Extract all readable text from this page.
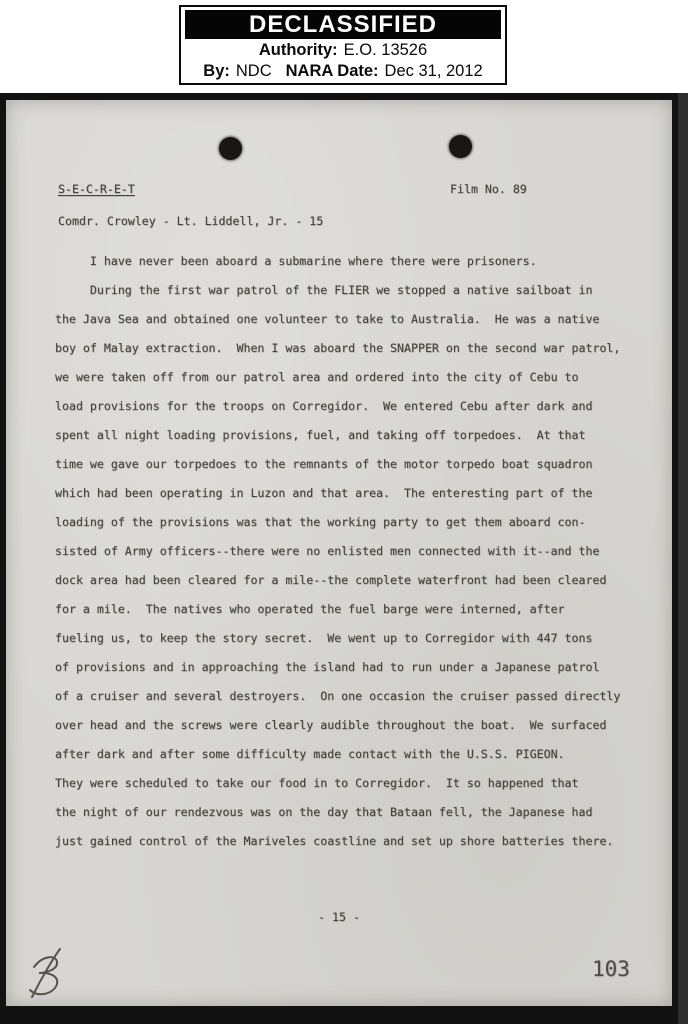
DECLASSIFIED
Authority: E.O. 13526
By: NDC NARA Date: Dec 31, 2012
S-E-C-R-E-T	Film No. 89
Comdr. Crowley - Lt. Liddell, Jr. - 15
I have never been aboard a submarine where there were prisoners.
During the first war patrol of the FLIER we stopped a native sailboat in
the Java Sea and obtained one volunteer to take to Australia.  He was a native
boy of Malay extraction.  When I was aboard the SNAPPER on the second war patrol,
we were taken off from our patrol area and ordered into the city of Cebu to
load provisions for the troops on Corregidor.  We entered Cebu after dark and
spent all night loading provisions, fuel, and taking off torpedoes.  At that
time we gave our torpedoes to the remnants of the motor torpedo boat squadron
which had been operating in Luzon and that area.  The enteresting part of the
loading of the provisions was that the working party to get them aboard con-
sisted of Army officers--there were no enlisted men connected with it--and the
dock area had been cleared for a mile--the complete waterfront had been cleared
for a mile.  The natives who operated the fuel barge were interned, after
fueling us, to keep the story secret.  We went up to Corregidor with 447 tons
of provisions and in approaching the island had to run under a Japanese patrol
of a cruiser and several destroyers.  On one occasion the cruiser passed directly
over head and the screws were clearly audible throughout the boat.  We surfaced
after dark and after some difficulty made contact with the U.S.S. PIGEON.
They were scheduled to take our food in to Corregidor.  It so happened that
the night of our rendezvous was on the day that Bataan fell, the Japanese had
just gained control of the Mariveles coastline and set up shore batteries there.
- 15 -
103
